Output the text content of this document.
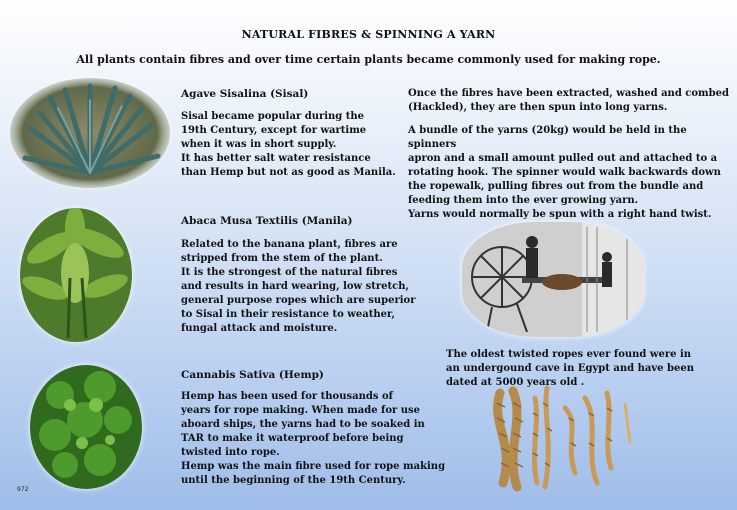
NATURAL FIBRES & SPINNING A YARN
All plants contain fibres and over time certain plants became commonly used for making rope.
Agave Sisalina (Sisal)
Sisal became popular during the
19th Century, except for wartime
when it was in short supply.
It has better salt water resistance
than Hemp but not as good as Manila.
Abaca Musa Textilis (Manila)
Related to the banana plant, fibres are
stripped from the stem of the plant.
It is the strongest of the natural fibres
and results in hard wearing, low stretch,
general purpose ropes which are superior
to Sisal in their resistance to weather,
fungal attack and moisture.
Cannabis Sativa (Hemp)
Hemp has been used for thousands of
years for rope making. When made for use
aboard ships, the yarns had to be soaked in
TAR to make it waterproof before being
twisted into rope.
Hemp was the main fibre used for rope making
until the beginning of the 19th Century.
Once the fibres have been extracted, washed and combed
(Hackled), they are then spun into long yarns.
A bundle of the yarns (20kg) would be held in the spinners
apron and a small amount pulled out and attached to a
rotating hook. The spinner would walk backwards down
the ropewalk, pulling fibres out from the bundle and
feeding them into the ever growing yarn.
Yarns would normally be spun with a right hand twist.
The oldest twisted ropes ever found were in
an undergound cave in Egypt and have been
dated at 5000 years old .
972
